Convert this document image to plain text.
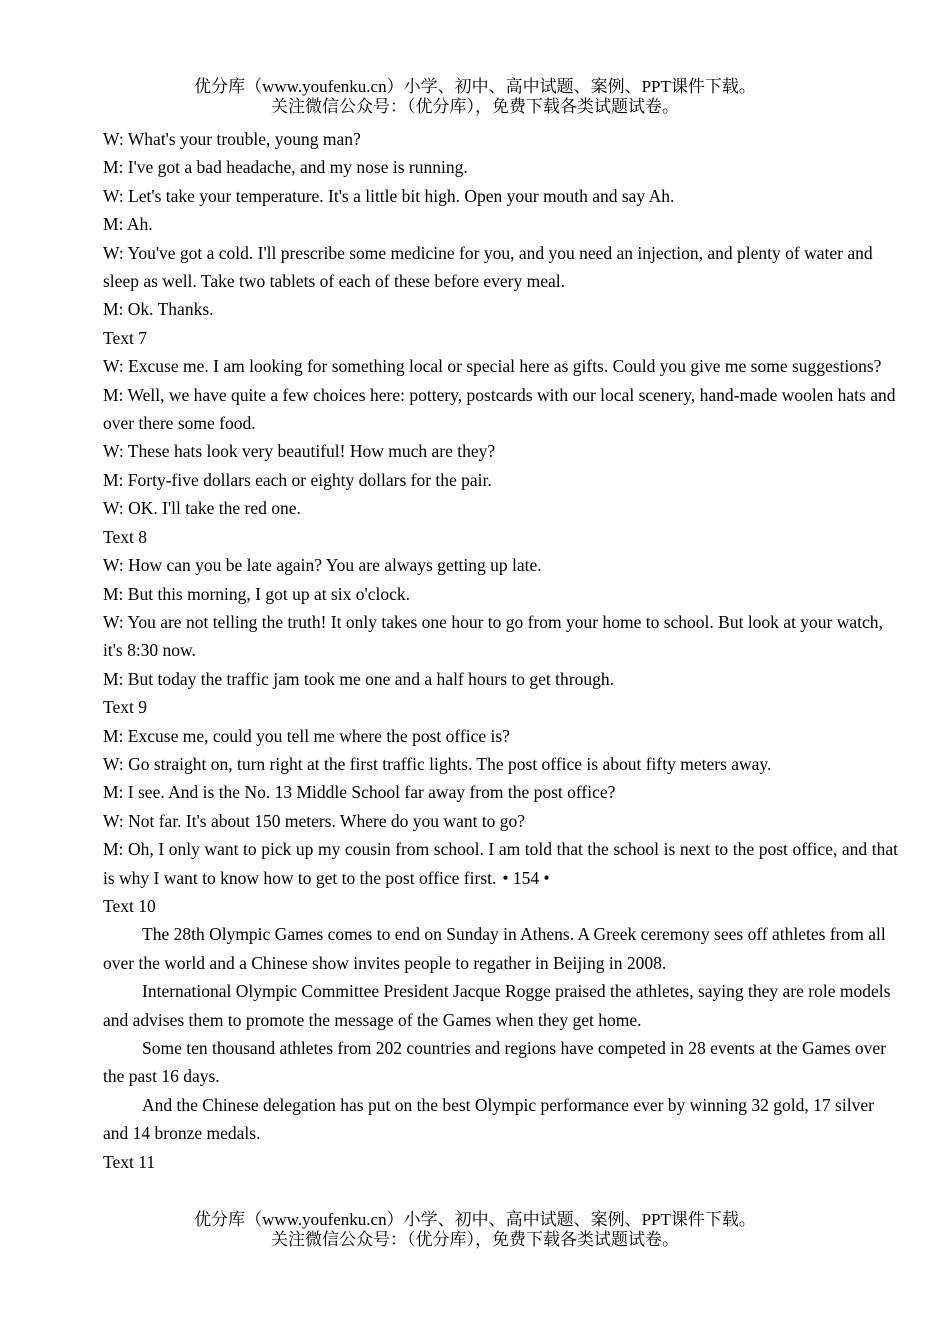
优分库（www.youfenku.cn）小学、初中、高中试题、案例、PPT课件下载。
关注微信公众号：（优分库），免费下载各类试题试卷。

W: What's your trouble, young man?

M: I've got a bad headache, and my nose is running.

W: Let's take your temperature. It's a little bit high. Open your mouth and say Ah.

M: Ah.

W: You've got a cold. I'll prescribe some medicine for you, and you need an injection, and plenty of water and sleep as well. Take two tablets of each of these before every meal.

M: Ok. Thanks.

Text 7

W: Excuse me. I am looking for something local or special here as gifts. Could you give me some suggestions?

M: Well, we have quite a few choices here: pottery, postcards with our local scenery, hand-made woolen hats and over there some food.

W: These hats look very beautiful! How much are they?

M: Forty-five dollars each or eighty dollars for the pair.

W: OK. I'll take the red one.

Text 8

W: How can you be late again? You are always getting up late.

M: But this morning, I got up at six o'clock.

W: You are not telling the truth! It only takes one hour to go from your home to school. But look at your watch, it's 8:30 now.

M: But today the traffic jam took me one and a half hours to get through.

Text 9

M: Excuse me, could you tell me where the post office is?

W: Go straight on, turn right at the first traffic lights. The post office is about fifty meters away.

M: I see. And is the No. 13 Middle School far away from the post office?

W: Not far. It's about 150 meters. Where do you want to go?

M: Oh, I only want to pick up my cousin from school. I am told that the school is next to the post office, and that is why I want to know how to get to the post office first. • 154 •

Text 10

The 28th Olympic Games comes to end on Sunday in Athens. A Greek ceremony sees off athletes from all over the world and a Chinese show invites people to regather in Beijing in 2008.

International Olympic Committee President Jacque Rogge praised the athletes, saying they are role models and advises them to promote the message of the Games when they get home.

Some ten thousand athletes from 202 countries and regions have competed in 28 events at the Games over the past 16 days.

And the Chinese delegation has put on the best Olympic performance ever by winning 32 gold, 17 silver and 14 bronze medals.

Text 11

优分库（www.youfenku.cn）小学、初中、高中试题、案例、PPT课件下载。
关注微信公众号：（优分库），免费下载各类试题试卷。
